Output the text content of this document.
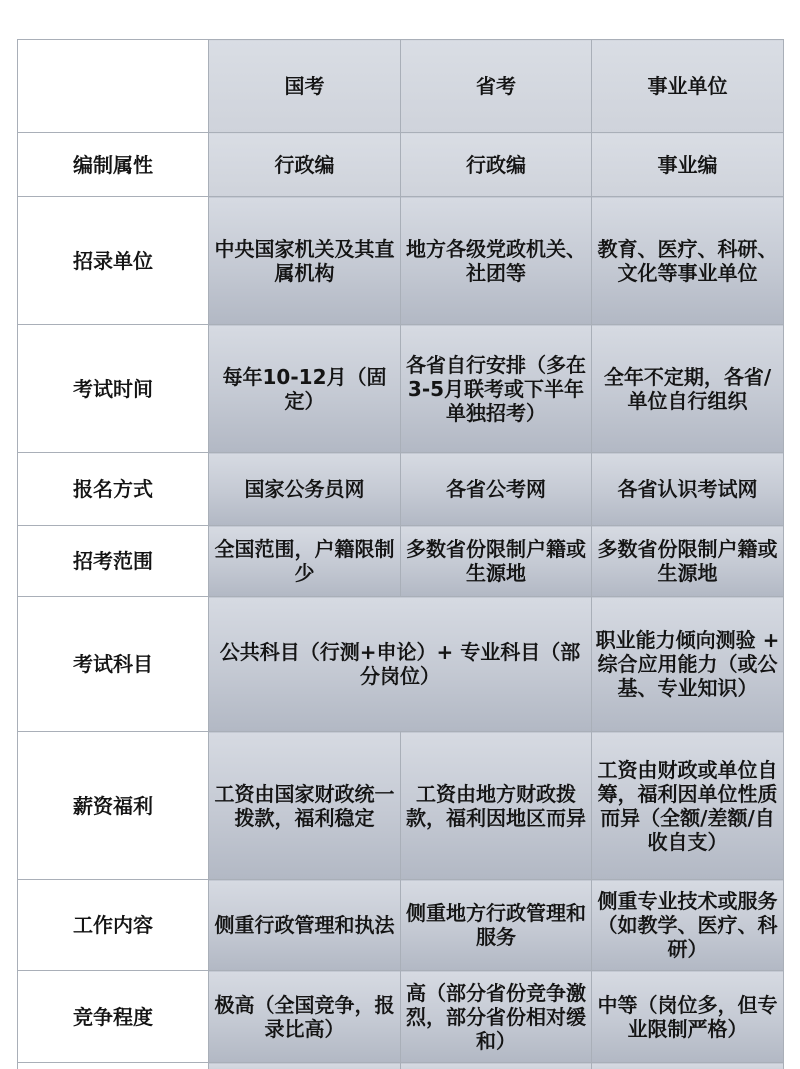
	国考	省考	事业单位
编制属性	行政编	行政编	事业编
招录单位	中央国家机关及其直属机构	地方各级党政机关、社团等	教育、医疗、科研、文化等事业单位
考试时间	每年10-12月（固定）	各省自行安排（多在3-5月联考或下半年单独招考）	全年不定期，各省/单位自行组织
报名方式	国家公务员网	各省公考网	各省认识考试网
招考范围	全国范围，户籍限制少	多数省份限制户籍或生源地	多数省份限制户籍或生源地
考试科目	公共科目（行测+申论）+ 专业科目（部分岗位）		职业能力倾向测验 + 综合应用能力（或公基、专业知识）
薪资福利	工资由国家财政统一拨款，福利稳定	工资由地方财政拨款，福利因地区而异	工资由财政或单位自筹，福利因单位性质而异（全额/差额/自收自支）
工作内容	侧重行政管理和执法	侧重地方行政管理和服务	侧重专业技术或服务（如教学、医疗、科研）
竞争程度	极高（全国竞争，报录比高）	高（部分省份竞争激烈，部分省份相对缓和）	中等（岗位多，但专业限制严格）
